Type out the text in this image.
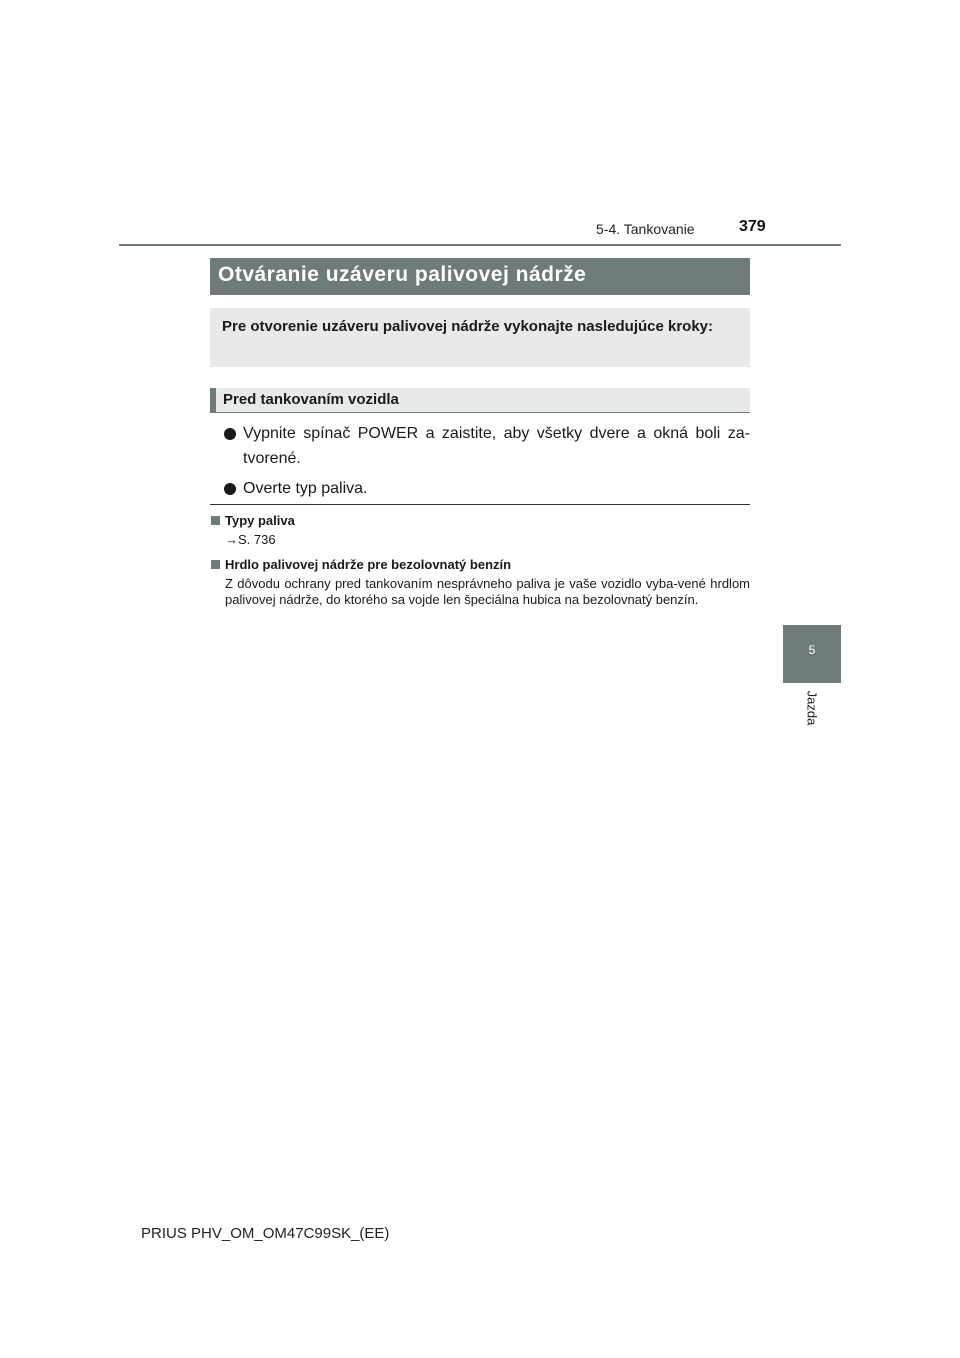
5-4. Tankovanie	379
5
Jazda
Otváranie uzáveru palivovej nádrže
Pre otvorenie uzáveru palivovej nádrže vykonajte nasledujúce kroky:
Pred tankovaním vozidla
Vypnite spínač POWER a zaistite, aby všetky dvere a okná boli za-tvorené.
Overte typ paliva.
Typy paliva
→S. 736
Hrdlo palivovej nádrže pre bezolovnatý benzín
Z dôvodu ochrany pred tankovaním nesprávneho paliva je vaše vozidlo vyba-vené hrdlom palivovej nádrže, do ktorého sa vojde len špeciálna hubica na bezolovnatý benzín.
PRIUS PHV_OM_OM47C99SK_(EE)
